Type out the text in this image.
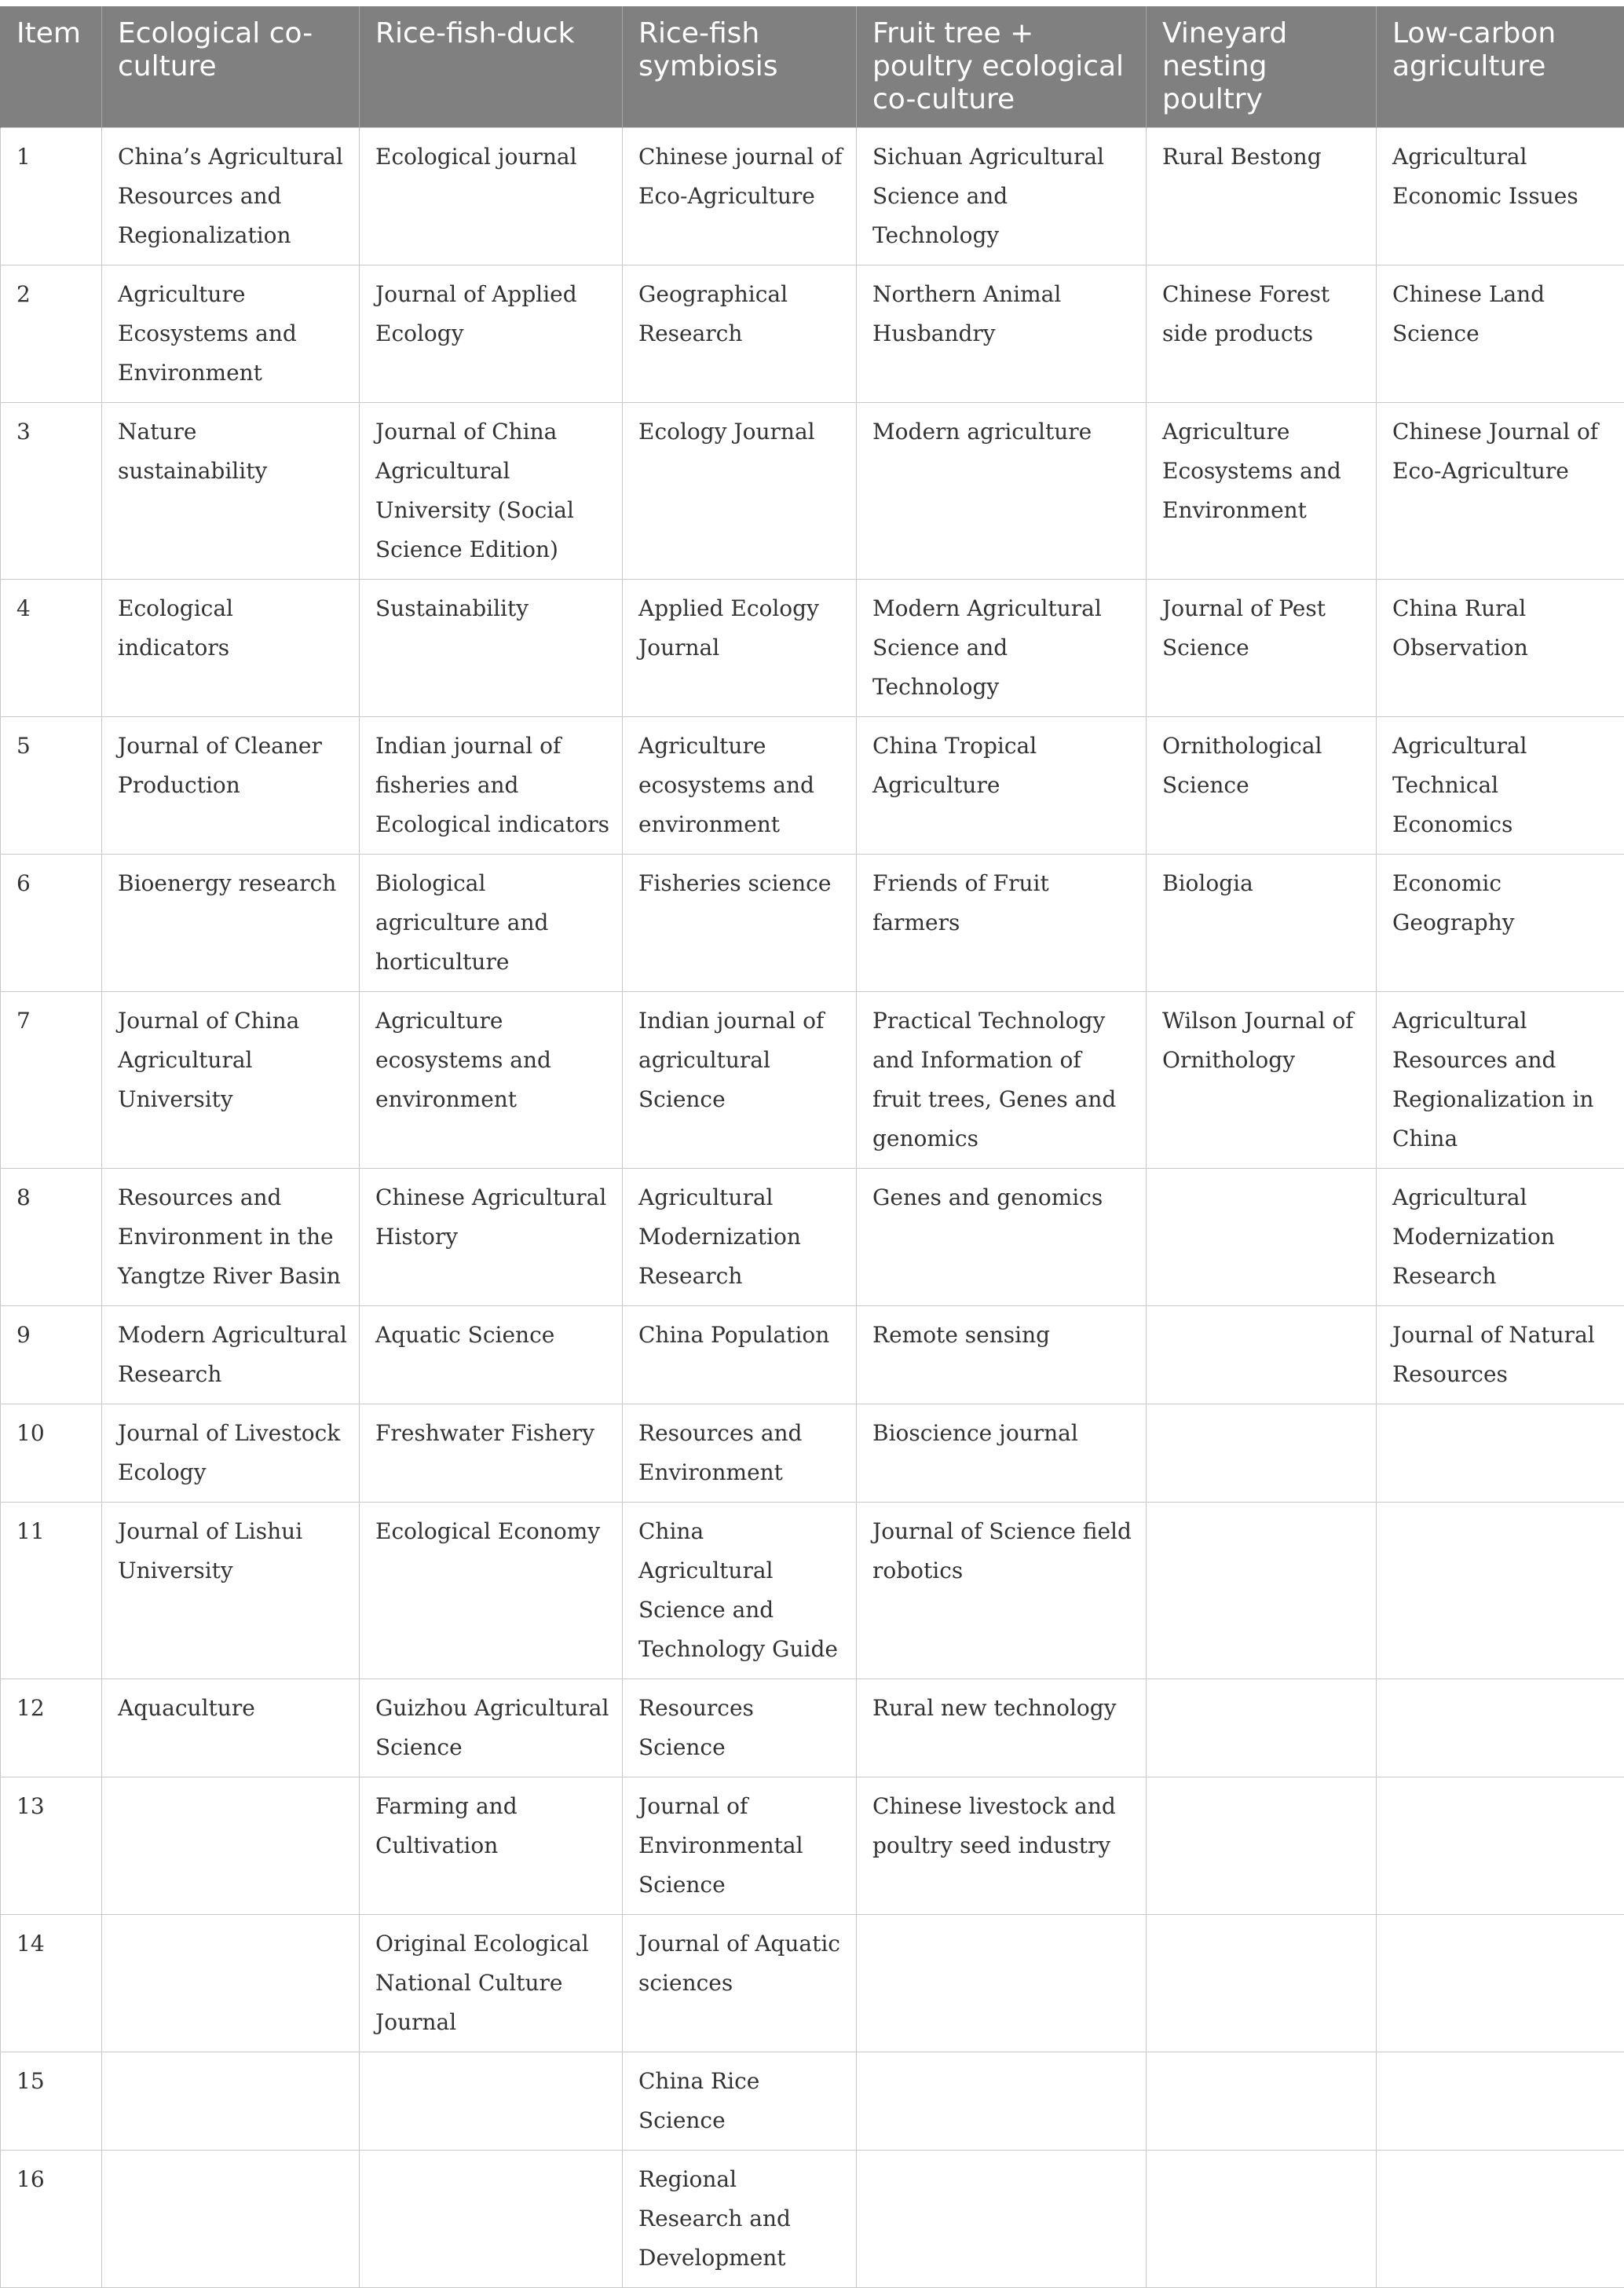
Item	Ecological co-culture	Rice-fish-duck	Rice-fish symbiosis	Fruit tree + poultry ecological co-culture	Vineyard nesting poultry	Low-carbon agriculture
1	China’s Agricultural Resources and Regionalization	Ecological journal	Chinese journal of Eco-Agriculture	Sichuan Agricultural Science and Technology	Rural Bestong	Agricultural Economic Issues
2	Agriculture Ecosystems and Environment	Journal of Applied Ecology	Geographical Research	Northern Animal Husbandry	Chinese Forest side products	Chinese Land Science
3	Nature sustainability	Journal of China Agricultural University (Social Science Edition)	Ecology Journal	Modern agriculture	Agriculture Ecosystems and Environment	Chinese Journal of Eco-Agriculture
4	Ecological indicators	Sustainability	Applied Ecology Journal	Modern Agricultural Science and Technology	Journal of Pest Science	China Rural Observation
5	Journal of Cleaner Production	Indian journal of fisheries and Ecological indicators	Agriculture ecosystems and environment	China Tropical Agriculture	Ornithological Science	Agricultural Technical Economics
6	Bioenergy research	Biological agriculture and horticulture	Fisheries science	Friends of Fruit farmers	Biologia	Economic Geography
7	Journal of China Agricultural University	Agriculture ecosystems and environment	Indian journal of agricultural Science	Practical Technology and Information of fruit trees, Genes and genomics	Wilson Journal of Ornithology	Agricultural Resources and Regionalization in China
8	Resources and Environment in the Yangtze River Basin	Chinese Agricultural History	Agricultural Modernization Research	Genes and genomics		Agricultural Modernization Research
9	Modern Agricultural Research	Aquatic Science	China Population	Remote sensing		Journal of Natural Resources
10	Journal of Livestock Ecology	Freshwater Fishery	Resources and Environment	Bioscience journal		
11	Journal of Lishui University	Ecological Economy	China Agricultural Science and Technology Guide	Journal of Science field robotics		
12	Aquaculture	Guizhou Agricultural Science	Resources Science	Rural new technology		
13		Farming and Cultivation	Journal of Environmental Science	Chinese livestock and poultry seed industry		
14		Original Ecological National Culture Journal	Journal of Aquatic sciences			
15			China Rice Science			
16			Regional Research and Development			
